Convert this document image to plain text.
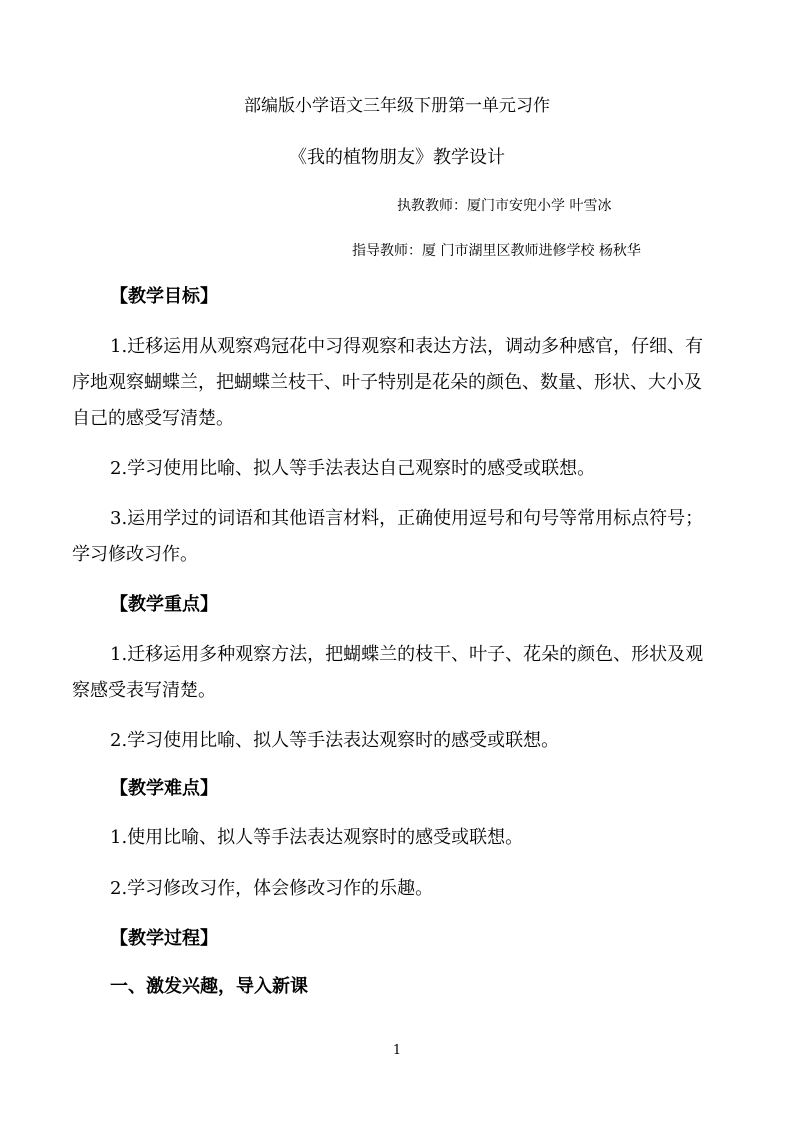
部编版小学语文三年级下册第一单元习作
《我的植物朋友》教学设计
执教教师：厦门市安兜小学 叶雪冰
指导教师：厦 门市湖里区教师进修学校 杨秋华
【教学目标】
1.迁移运用从观察鸡冠花中习得观察和表达方法，调动多种感官，仔细、有
序地观察蝴蝶兰，把蝴蝶兰枝干、叶子特别是花朵的颜色、数量、形状、大小及
自己的感受写清楚。
2.学习使用比喻、拟人等手法表达自己观察时的感受或联想。
3.运用学过的词语和其他语言材料，正确使用逗号和句号等常用标点符号；
学习修改习作。
【教学重点】
1.迁移运用多种观察方法，把蝴蝶兰的枝干、叶子、花朵的颜色、形状及观
察感受表写清楚。
2.学习使用比喻、拟人等手法表达观察时的感受或联想。
【教学难点】
1.使用比喻、拟人等手法表达观察时的感受或联想。
2.学习修改习作，体会修改习作的乐趣。
【教学过程】
一、激发兴趣，导入新课
1
